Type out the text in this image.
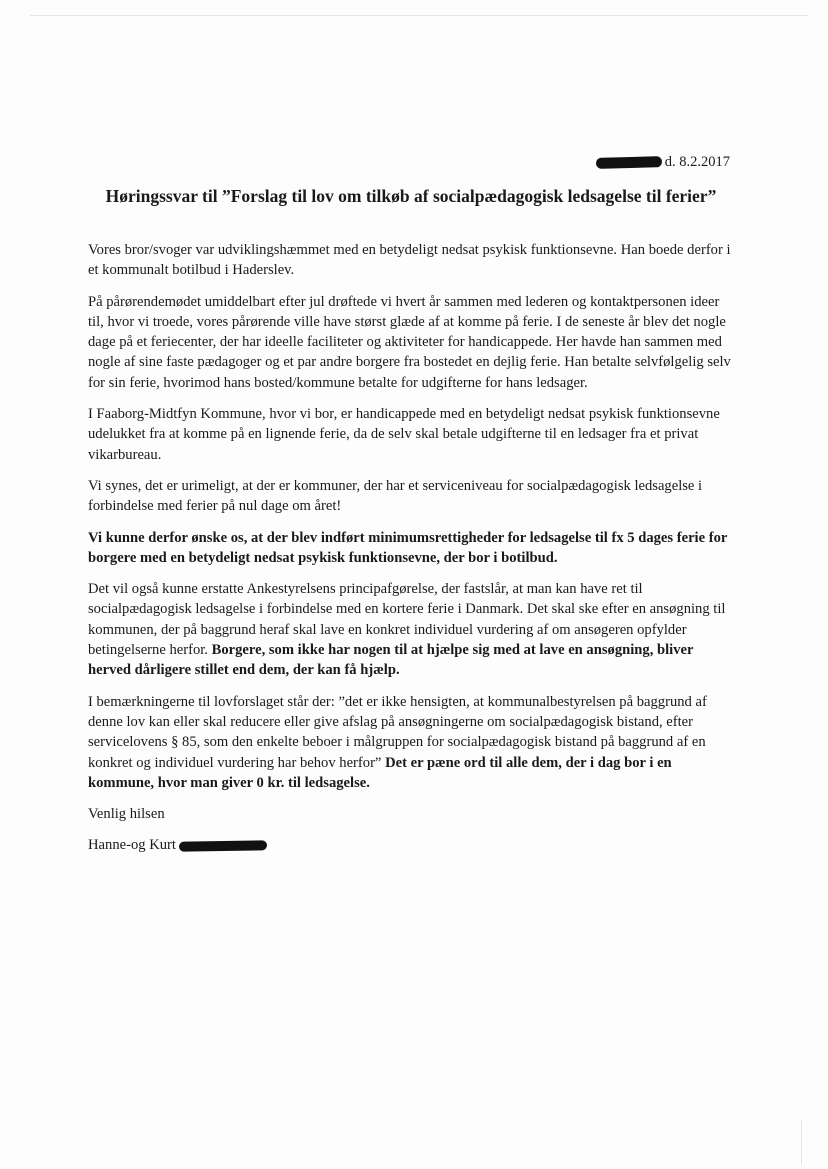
d. 8.2.2017
Høringssvar til ”Forslag til lov om tilkøb af socialpædagogisk ledsagelse til ferier”

Vores bror/svoger var udviklingshæmmet med en betydeligt nedsat psykisk funktionsevne. Han boede derfor i et kommunalt botilbud i Haderslev.

På pårørendemødet umiddelbart efter jul drøftede vi hvert år sammen med lederen og kontaktpersonen ideer til, hvor vi troede, vores pårørende ville have størst glæde af at komme på ferie. I de seneste år blev det nogle dage på et feriecenter, der har ideelle faciliteter og aktiviteter for handicappede. Her havde han sammen med nogle af sine faste pædagoger og et par andre borgere fra bostedet en dejlig ferie. Han betalte selvfølgelig selv for sin ferie, hvorimod hans bosted/kommune betalte for udgifterne for hans ledsager.

I Faaborg-Midtfyn Kommune, hvor vi bor, er handicappede med en betydeligt nedsat psykisk funktionsevne udelukket fra at komme på en lignende ferie, da de selv skal betale udgifterne til en ledsager fra et privat vikarbureau.

Vi synes, det er urimeligt, at der er kommuner, der har et serviceniveau for socialpædagogisk ledsagelse i forbindelse med ferier på nul dage om året!

Vi kunne derfor ønske os, at der blev indført minimumsrettigheder for ledsagelse til fx 5 dages ferie for borgere med en betydeligt nedsat psykisk funktionsevne, der bor i botilbud.

Det vil også kunne erstatte Ankestyrelsens principafgørelse, der fastslår, at man kan have ret til socialpædagogisk ledsagelse i forbindelse med en kortere ferie i Danmark. Det skal ske efter en ansøgning til kommunen, der på baggrund heraf skal lave en konkret individuel vurdering af om ansøgeren opfylder betingelserne herfor. Borgere, som ikke har nogen til at hjælpe sig med at lave en ansøgning, bliver herved dårligere stillet end dem, der kan få hjælp.

I bemærkningerne til lovforslaget står der: ”det er ikke hensigten, at kommunalbestyrelsen på baggrund af denne lov kan eller skal reducere eller give afslag på ansøgningerne om socialpædagogisk bistand, efter servicelovens § 85, som den enkelte beboer i målgruppen for socialpædagogisk bistand på baggrund af en konkret og individuel vurdering har behov herfor” Det er pæne ord til alle dem, der i dag bor i en kommune, hvor man giver 0 kr. til ledsagelse.

Venlig hilsen

Hanne-og Kurt
